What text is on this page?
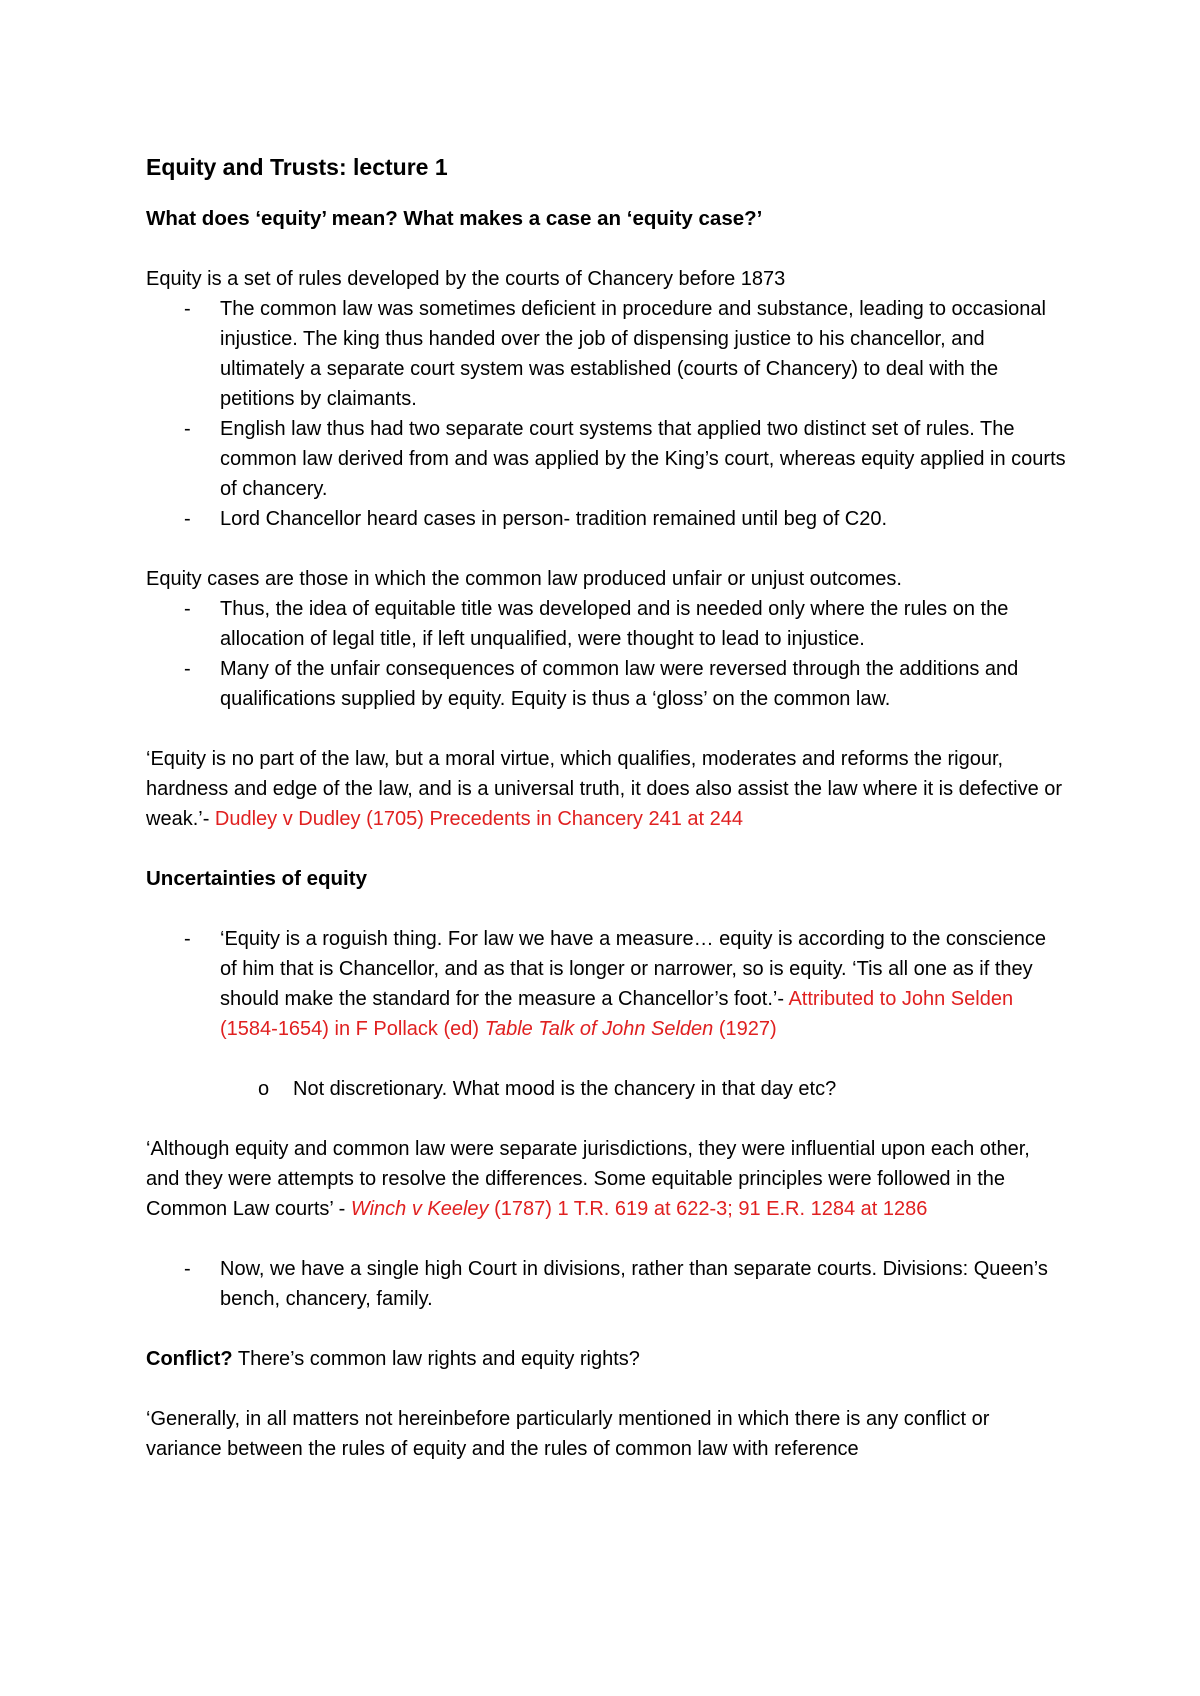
Equity and Trusts: lecture 1
What does ‘equity’ mean? What makes a case an ‘equity case?’

Equity is a set of rules developed by the courts of Chancery before 1873

- The common law was sometimes deficient in procedure and substance, leading to occasional injustice. The king thus handed over the job of dispensing justice to his chancellor, and ultimately a separate court system was established (courts of Chancery) to deal with the petitions by claimants.
- English law thus had two separate court systems that applied two distinct set of rules. The common law derived from and was applied by the King’s court, whereas equity applied in courts of chancery.
- Lord Chancellor heard cases in person- tradition remained until beg of C20.

Equity cases are those in which the common law produced unfair or unjust outcomes.

- Thus, the idea of equitable title was developed and is needed only where the rules on the allocation of legal title, if left unqualified, were thought to lead to injustice.
- Many of the unfair consequences of common law were reversed through the additions and qualifications supplied by equity. Equity is thus a ‘gloss’ on the common law.

‘Equity is no part of the law, but a moral virtue, which qualifies, moderates and reforms the rigour, hardness and edge of the law, and is a universal truth, it does also assist the law where it is defective or weak.’- Dudley v Dudley (1705) Precedents in Chancery 241 at 244

Uncertainties of equity
- ‘Equity is a roguish thing. For law we have a measure… equity is according to the conscience of him that is Chancellor, and as that is longer or narrower, so is equity. ‘Tis all one as if they should make the standard for the measure a Chancellor’s foot.’- Attributed to John Selden (1584-1654) in F Pollack (ed) Table Talk of John Selden (1927)
o Not discretionary. What mood is the chancery in that day etc?

‘Although equity and common law were separate jurisdictions, they were influential upon each other, and they were attempts to resolve the differences. Some equitable principles were followed in the Common Law courts’ - Winch v Keeley (1787) 1 T.R. 619 at 622-3; 91 E.R. 1284 at 1286

- Now, we have a single high Court in divisions, rather than separate courts. Divisions: Queen’s bench, chancery, family.

Conflict? There’s common law rights and equity rights?

‘Generally, in all matters not hereinbefore particularly mentioned in which there is any conflict or variance between the rules of equity and the rules of common law with reference
